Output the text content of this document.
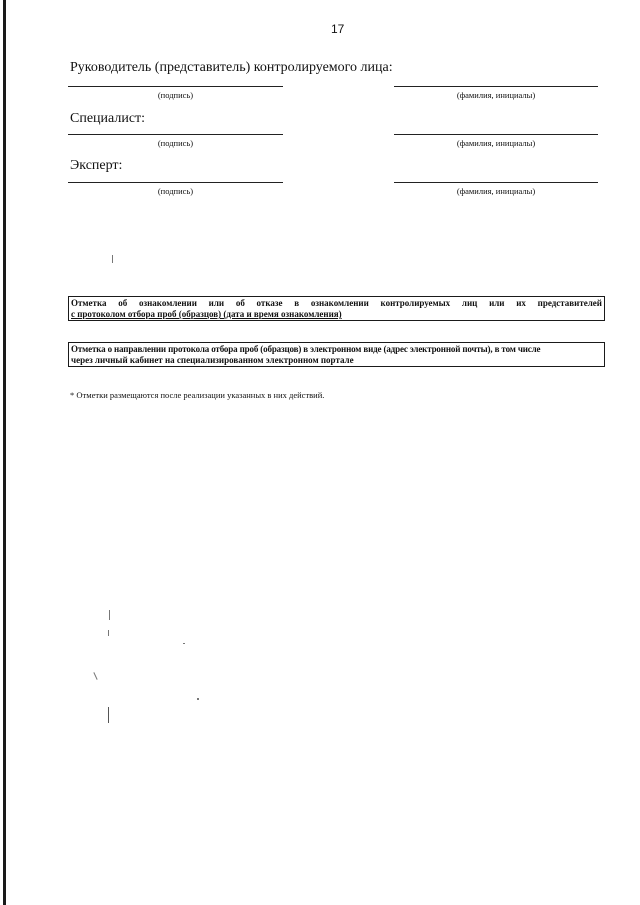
17
Руководитель (представитель) контролируемого лица:
(подпись)	(фамилия, инициалы)
Специалист:
(подпись)	(фамилия, инициалы)
Эксперт:
(подпись)	(фамилия, инициалы)
Отметка об ознакомлении или об отказе в ознакомлении контролируемых лиц или их представителей
с протоколом отбора проб (образцов) (дата и время ознакомления)
Отметка о направлении протокола отбора проб (образцов) в электронном виде (адрес электронной почты), в том числе
через личный кабинет на специализированном электронном портале
* Отметки размещаются после реализации указанных в них действий.
